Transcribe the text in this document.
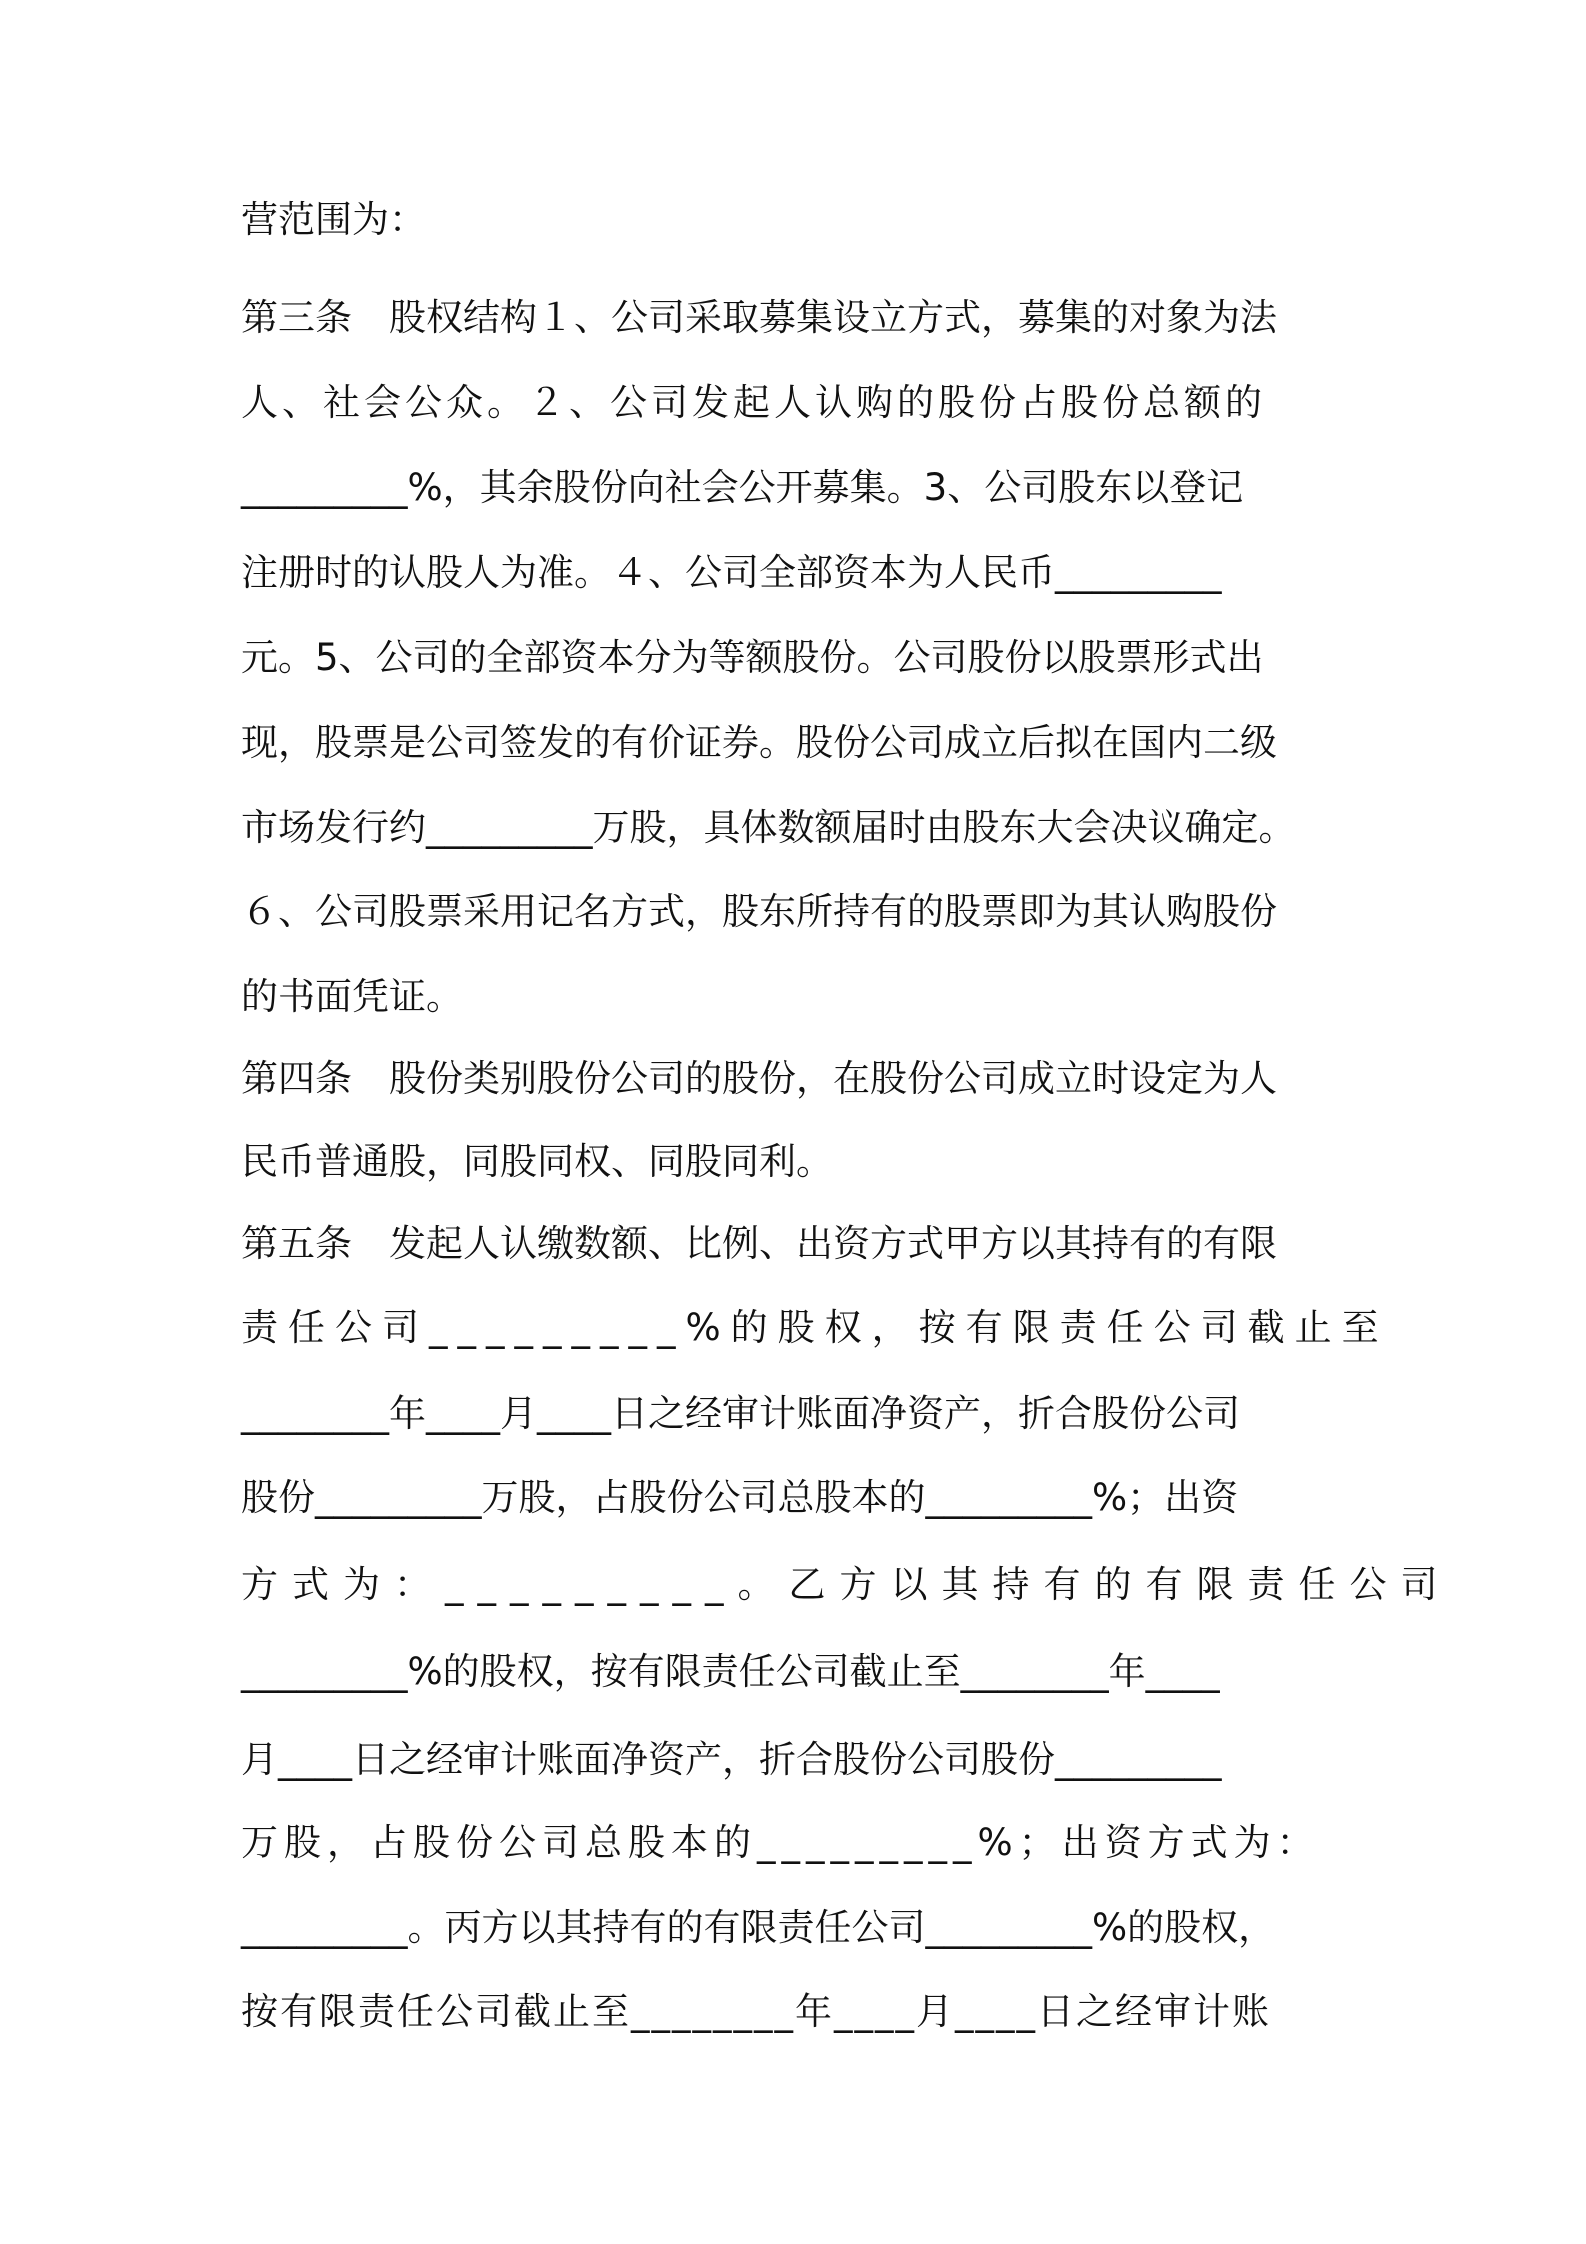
营范围为：
第三条　股权结构１、公司采取募集设立方式，募集的对象为法
人、社会公众。２、公司发起人认购的股份占股份总额的
_________%，其余股份向社会公开募集。3、公司股东以登记
注册时的认股人为准。４、公司全部资本为人民币_________
元。5、公司的全部资本分为等额股份。公司股份以股票形式出
现，股票是公司签发的有价证券。股份公司成立后拟在国内二级
市场发行约_________万股，具体数额届时由股东大会决议确定。
６、公司股票采用记名方式，股东所持有的股票即为其认购股份
的书面凭证。
第四条　股份类别股份公司的股份，在股份公司成立时设定为人
民币普通股，同股同权、同股同利。
第五条　发起人认缴数额、比例、出资方式甲方以其持有的有限
责任公司_________%的股权，按有限责任公司截止至
________年____月____日之经审计账面净资产，折合股份公司
股份_________万股，占股份公司总股本的_________%；出资
方式为：_________。乙方以其持有的有限责任公司
_________%的股权，按有限责任公司截止至________年____
月____日之经审计账面净资产，折合股份公司股份_________
万股，占股份公司总股本的_________%；出资方式为：
_________。丙方以其持有的有限责任公司_________%的股权，
按有限责任公司截止至________年____月____日之经审计账
